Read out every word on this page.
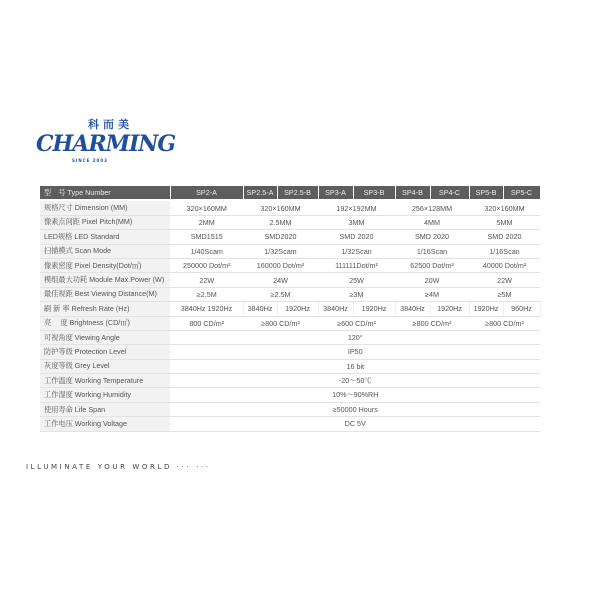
科而美
CHARMING
SINCE 2003
型　号 Type Number	SP2-A	SP2.5-A	SP2.5-B	SP3-A	SP3-B	SP4-B	SP4-C	SP5-B	SP5-C
规格尺寸 Dimension (MM)	320×160MM	320×160MM		192×192MM		256×128MM		320×160MM	
像素点间距 Pixel Pitch(MM)	2MM	2.5MM		3MM		4MM		5MM	
LED规格 LED Standard	SMD1515	SMD2020		SMD 2020		SMD 2020		SMD 2020	
扫描模式 Scan Mode	1/40Scam	1/32Scam		1/32Scan		1/16Scan		1/16Scan	
像素密度 Pixel Density(Dot/㎡)	250000 Dot/m²	160000 Dot/m²		111111Dot/m²		62500 Dot/m²		40000 Dot/m²	
模组最大功耗 Module Max.Power (W)	22W	24W		25W		20W		22W	
最佳视距 Best Viewing Distance(M)	≥2.5M	≥2.5M		≥3M		≥4M		≥5M	
刷 新 率 Refresh Rate (Hz)	3840Hz 1920Hz	3840Hz	1920Hz	3840Hz	1920Hz	3840Hz	1920Hz	1920Hz	960Hz
亮　 度 Brightness (CD/㎡)	800 CD/m²	≥800 CD/m²		≥600 CD/m²		≥800 CD/m²		≥800 CD/m²	
可视角度 Viewing Angle	120°								
防护等级 Protection Level	IP50								
灰度等级 Grey Level	16 bit								
工作温度 Working Temperature	-20～50℃								
工作湿度 Working Humidity	10%～90%RH								
使用寿命 Life Span	≥50000 Hours								
工作电压 Working Voltage	DC 5V								
ILLUMINATE YOUR WORLD ··· ···
